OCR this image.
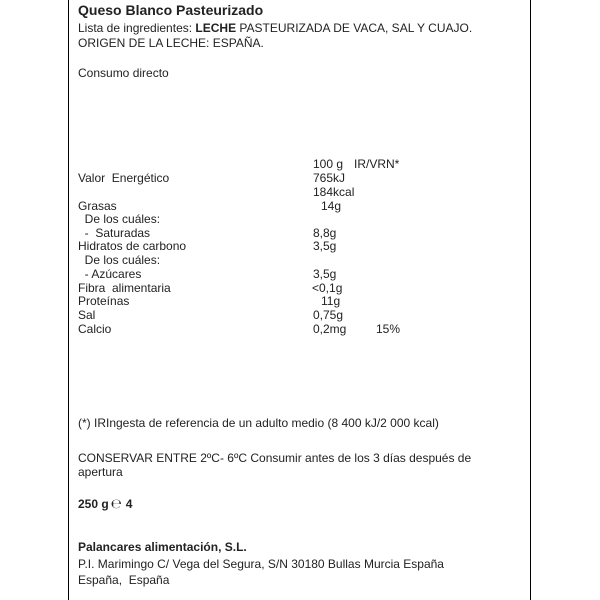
Queso Blanco Pasteurizado
Lista de ingredientes: LECHE PASTEURIZADA DE VACA, SAL Y CUAJO.
ORIGEN DE LA LECHE: ESPAÑA.
Consumo directo
100 g IR/VRN*
Valor  Energético	765kJ
184kcal
Grasas	14g
De los cuáles:
-  Saturadas	8,8g
Hidratos de carbono	3,5g
De los cuáles:
- Azúcares	3,5g
Fibra  alimentaria	<0,1g
Proteínas	11g
Sal	0,75g
Calcio	0,2mg 15%
(*) IRIngesta de referencia de un adulto medio (8 400 kJ/2 000 kcal)
CONSERVAR ENTRE 2ºC- 6ºC Consumir antes de los 3 días después de
apertura
250 g ℮ 4
Palancares alimentación, S.L.
P.I. Marimingo C/ Vega del Segura, S/N 30180 Bullas Murcia España
España,  España
